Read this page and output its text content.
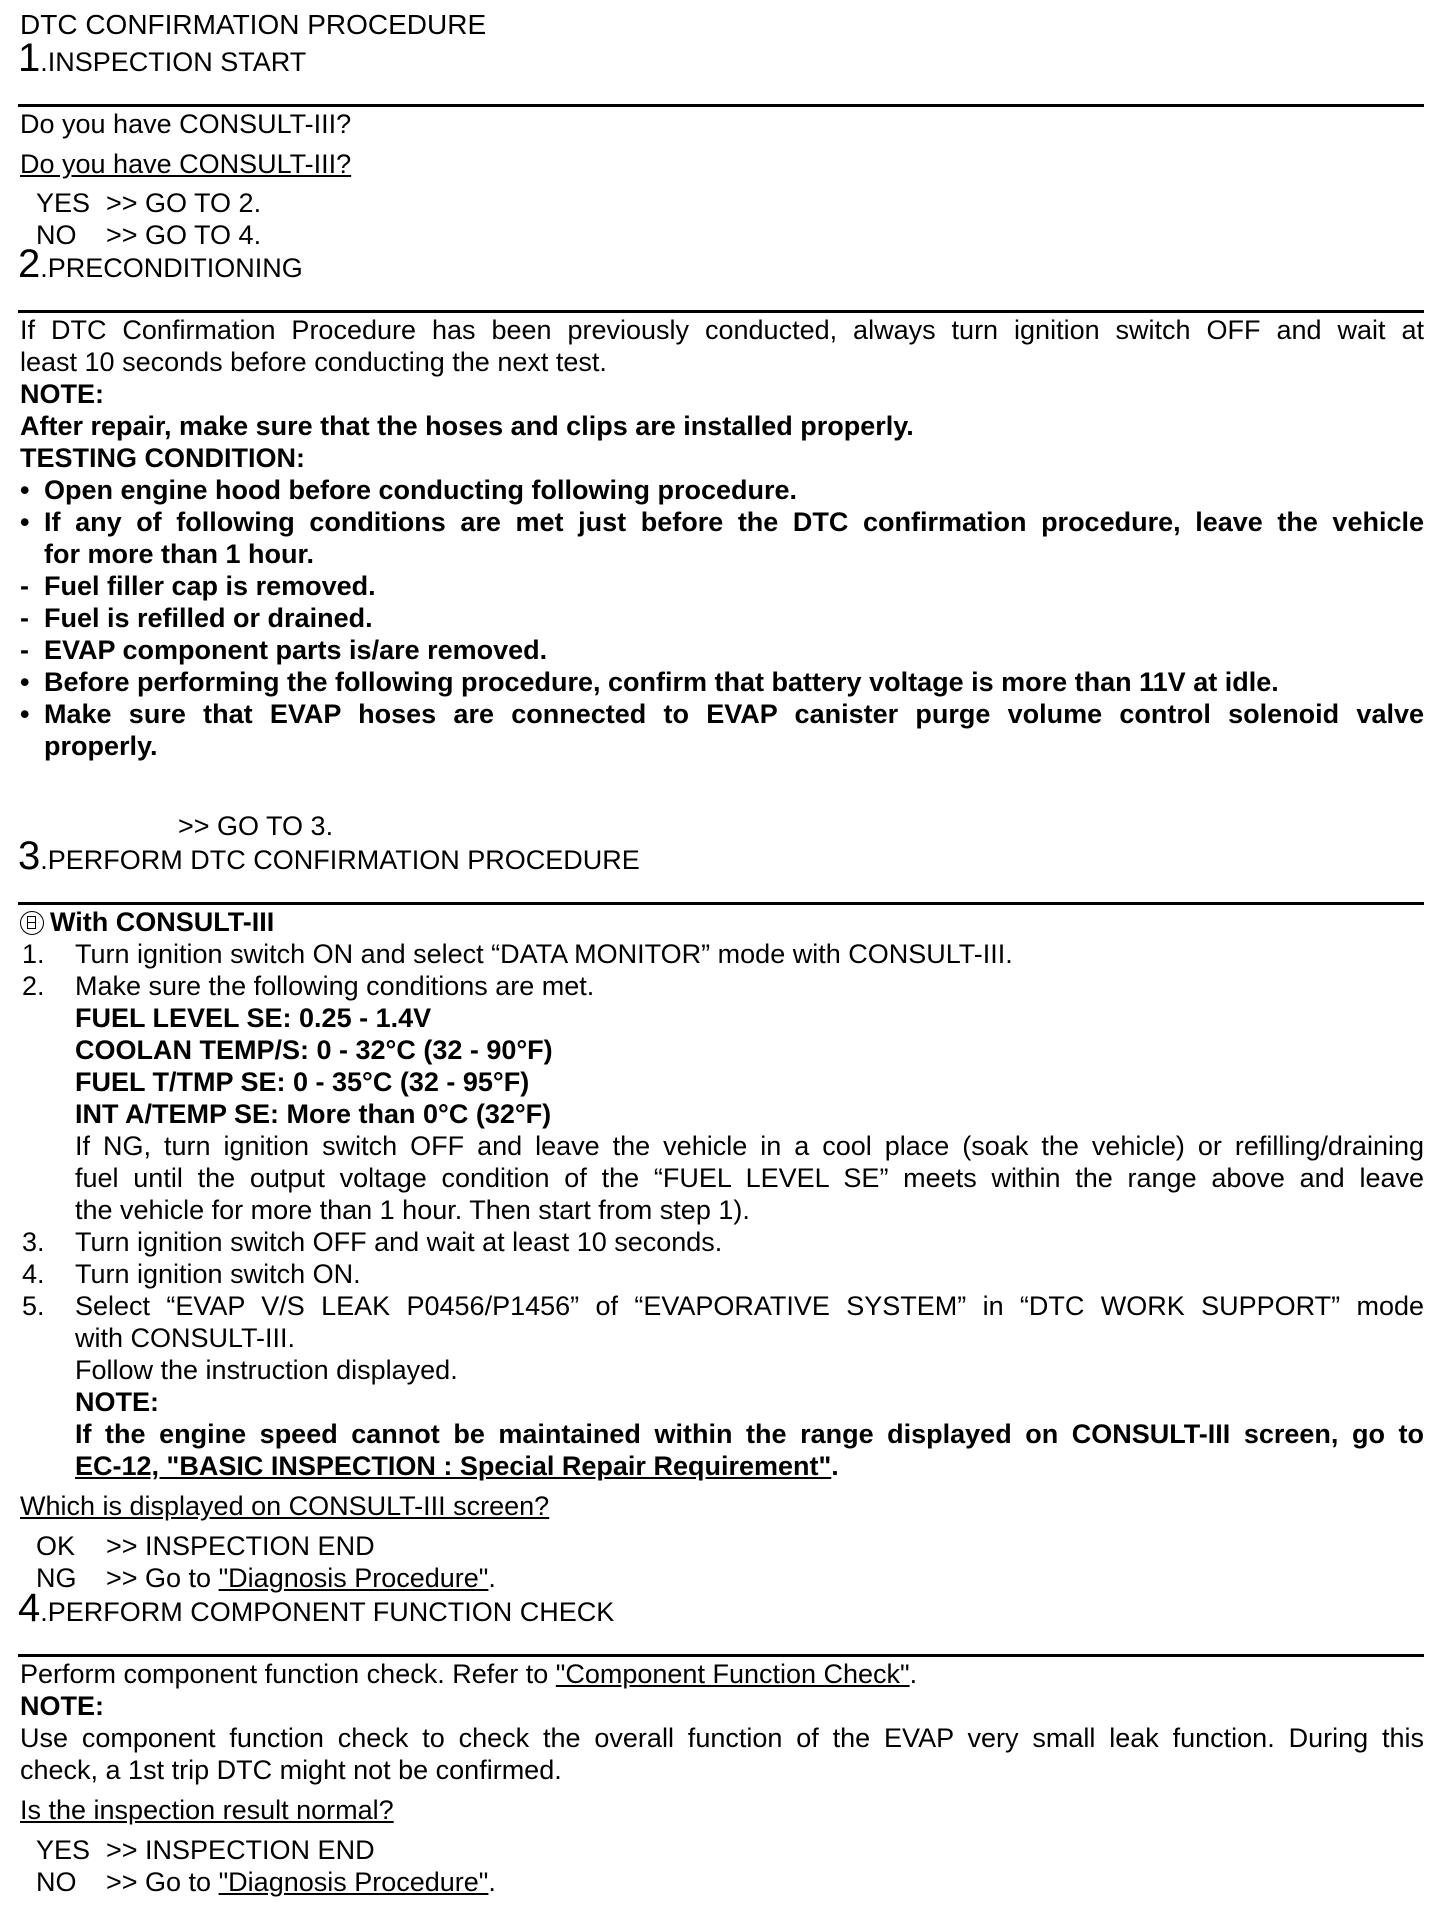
DTC CONFIRMATION PROCEDURE
1.INSPECTION START
Do you have CONSULT-III?
Do you have CONSULT-III?
YES >> GO TO 2.
NO >> GO TO 4.
2.PRECONDITIONING
If DTC Confirmation Procedure has been previously conducted, always turn ignition switch OFF and wait at
least 10 seconds before conducting the next test.
NOTE:
After repair, make sure that the hoses and clips are installed properly.
TESTING CONDITION:
• Open engine hood before conducting following procedure.
• If any of following conditions are met just before the DTC confirmation procedure, leave the vehicle
for more than 1 hour.
- Fuel filler cap is removed.
- Fuel is refilled or drained.
- EVAP component parts is/are removed.
• Before performing the following procedure, confirm that battery voltage is more than 11V at idle.
• Make sure that EVAP hoses are connected to EVAP canister purge volume control solenoid valve
properly.
>> GO TO 3.
3.PERFORM DTC CONFIRMATION PROCEDURE
With CONSULT-III
1. Turn ignition switch ON and select “DATA MONITOR” mode with CONSULT-III.
2. Make sure the following conditions are met.
FUEL LEVEL SE: 0.25 - 1.4V
COOLAN TEMP/S: 0 - 32°C (32 - 90°F)
FUEL T/TMP SE: 0 - 35°C (32 - 95°F)
INT A/TEMP SE: More than 0°C (32°F)
If NG, turn ignition switch OFF and leave the vehicle in a cool place (soak the vehicle) or refilling/draining
fuel until the output voltage condition of the “FUEL LEVEL SE” meets within the range above and leave
the vehicle for more than 1 hour. Then start from step 1).
3. Turn ignition switch OFF and wait at least 10 seconds.
4. Turn ignition switch ON.
5. Select “EVAP V/S LEAK P0456/P1456” of “EVAPORATIVE SYSTEM” in “DTC WORK SUPPORT” mode
with CONSULT-III.
Follow the instruction displayed.
NOTE:
If the engine speed cannot be maintained within the range displayed on CONSULT-III screen, go to
EC-12, "BASIC INSPECTION : Special Repair Requirement".
Which is displayed on CONSULT-III screen?
OK >> INSPECTION END
NG >> Go to "Diagnosis Procedure".
4.PERFORM COMPONENT FUNCTION CHECK
Perform component function check. Refer to "Component Function Check".
NOTE:
Use component function check to check the overall function of the EVAP very small leak function. During this
check, a 1st trip DTC might not be confirmed.
Is the inspection result normal?
YES >> INSPECTION END
NO >> Go to "Diagnosis Procedure".
